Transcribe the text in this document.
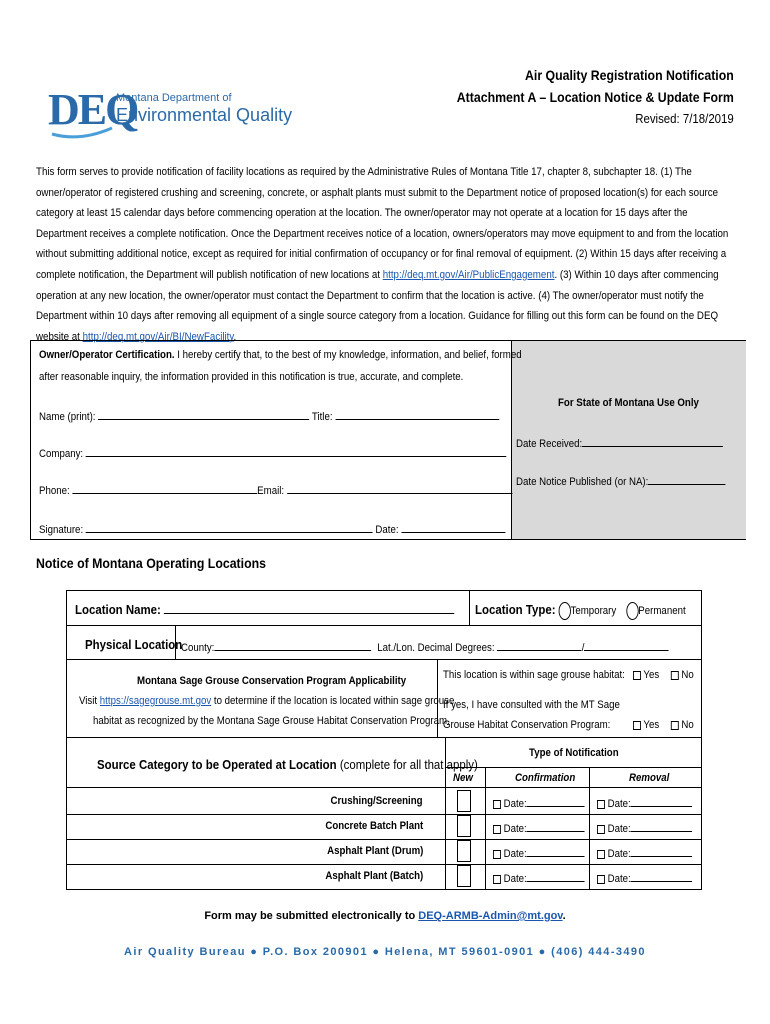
Air Quality Registration Notification
Attachment A – Location Notice & Update Form
Revised: 7/18/2019
DEQ
Montana Department of
Environmental Quality
This form serves to provide notification of facility locations as required by the Administrative Rules of Montana Title 17, chapter 8, subchapter 18. (1) The owner/operator of registered crushing and screening, concrete, or asphalt plants must submit to the Department notice of proposed location(s) for each source category at least 15 calendar days before commencing operation at the location. The owner/operator may not operate at a location for 15 days after the Department receives a complete notification. Once the Department receives notice of a location, owners/operators may move equipment to and from the location without submitting additional notice, except as required for initial confirmation of occupancy or for final removal of equipment. (2) Within 15 days after receiving a complete notification, the Department will publish notification of new locations at http://deq.mt.gov/Air/PublicEngagement. (3) Within 10 days after commencing operation at any new location, the owner/operator must contact the Department to confirm that the location is active. (4) The owner/operator must notify the Department within 10 days after removing all equipment of a single source category from a location. Guidance for filling out this form can be found on the DEQ website at http://deq.mt.gov/Air/BI/NewFacility.
For State of Montana Use Only
Date Received:
Date Notice Published (or NA):
Owner/Operator Certification. I hereby certify that, to the best of my knowledge, information, and belief, formed
after reasonable inquiry, the information provided in this notification is true, accurate, and complete.
Name (print):	Title:
Company:
Phone:	Email:
Signature:	Date:
Notice of Montana Operating Locations
Location Name:	Location Type: Temporary Permanent
Physical Location
County:	Lat./Lon. Decimal Degrees:	/
Montana Sage Grouse Conservation Program Applicability
Visit https://sagegrouse.mt.gov to determine if the location is located within sage grouse
habitat as recognized by the Montana Sage Grouse Habitat Conservation Program.
This location is within sage grouse habitat:	Yes No
If yes, I have consulted with the MT Sage
Grouse Habitat Conservation Program:	Yes No
Source Category to be Operated at Location (complete for all that apply)
Type of Notification
New	Confirmation	Removal
Crushing/Screening	Date:	Date:
Concrete Batch Plant	Date:	Date:
Asphalt Plant (Drum)	Date:	Date:
Asphalt Plant (Batch)	Date:	Date:
Form may be submitted electronically to DEQ-ARMB-Admin@mt.gov.
Air Quality Bureau ● P.O. Box 200901 ● Helena, MT 59601-0901 ● (406) 444-3490
